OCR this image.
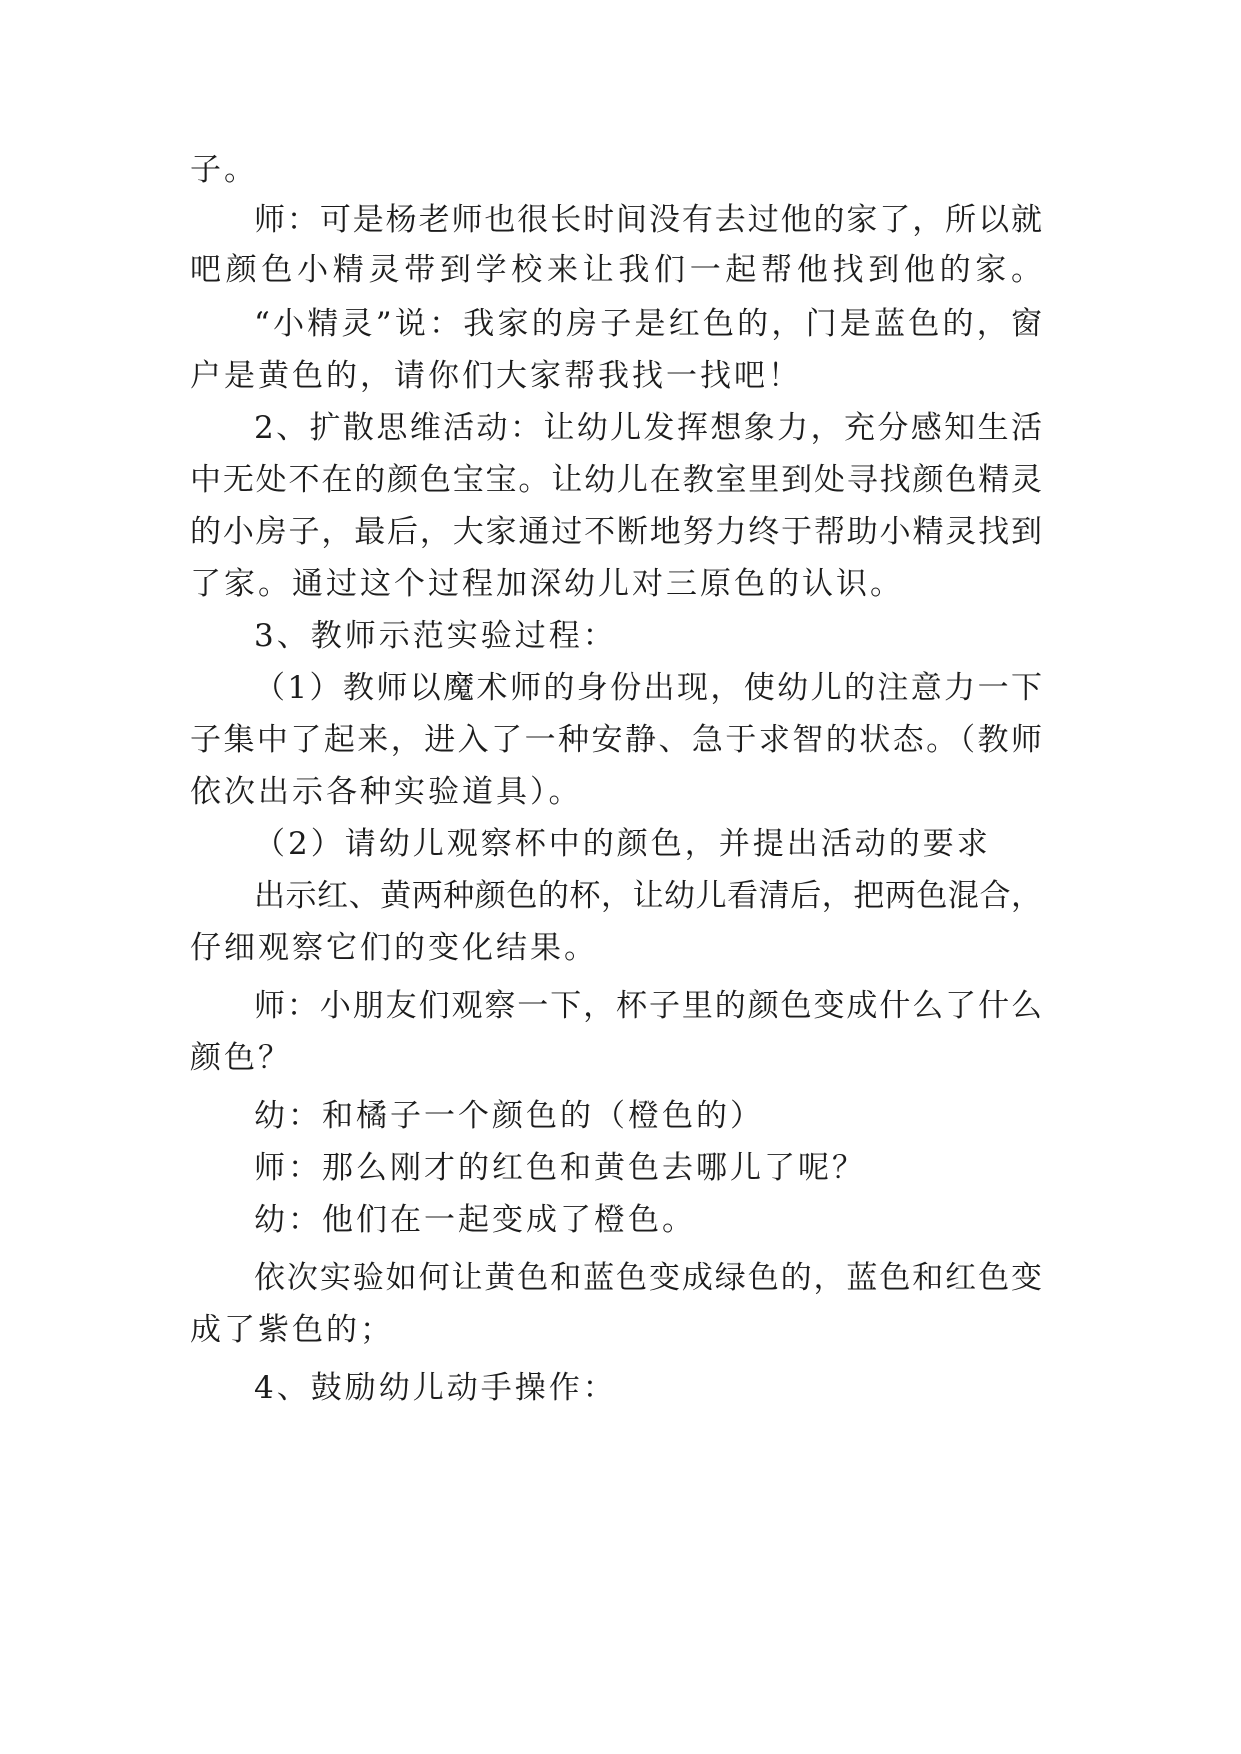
子。
师：可是杨老师也很长时间没有去过他的家了，所以就
吧颜色小精灵带到学校来让我们一起帮他找到他的家。
“小精灵”说：我家的房子是红色的，门是蓝色的，窗
户是黄色的，请你们大家帮我找一找吧！
2、扩散思维活动：让幼儿发挥想象力，充分感知生活
中无处不在的颜色宝宝。让幼儿在教室里到处寻找颜色精灵
的小房子，最后，大家通过不断地努力终于帮助小精灵找到
了家。通过这个过程加深幼儿对三原色的认识。
3、教师示范实验过程：
（1）教师以魔术师的身份出现，使幼儿的注意力一下
子集中了起来，进入了一种安静、急于求智的状态。（教师
依次出示各种实验道具）。
（2）请幼儿观察杯中的颜色，并提出活动的要求
出示红、黄两种颜色的杯，让幼儿看清后，把两色混合，
仔细观察它们的变化结果。
师：小朋友们观察一下，杯子里的颜色变成什么了什么
颜色？
幼：和橘子一个颜色的（橙色的）
师：那么刚才的红色和黄色去哪儿了呢？
幼：他们在一起变成了橙色。
依次实验如何让黄色和蓝色变成绿色的，蓝色和红色变
成了紫色的；
4、鼓励幼儿动手操作：
